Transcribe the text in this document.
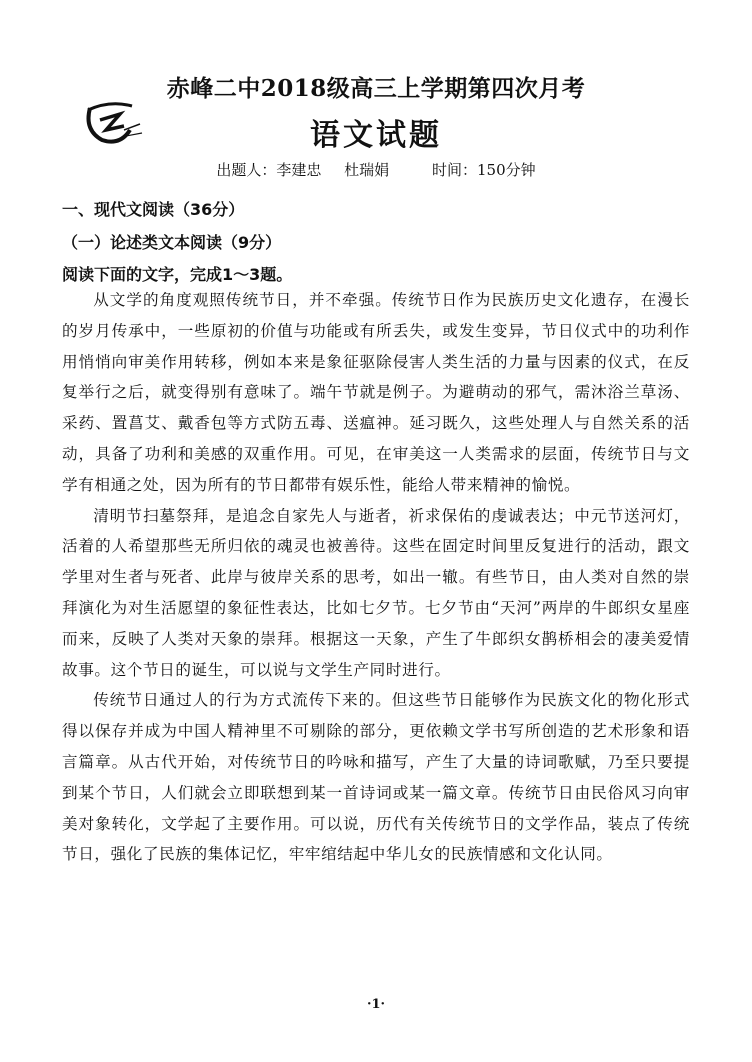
赤峰二中2018级高三上学期第四次月考
语文试题
出题人：李建忠 杜瑞娟	时间：150分钟
一、现代文阅读（36分）
（一）论述类文本阅读（9分）
阅读下面的文字，完成1～3题。

从文学的角度观照传统节日，并不牵强。传统节日作为民族历史文化遗存，在漫长的岁月传承中，一些原初的价值与功能或有所丢失，或发生变异，节日仪式中的功利作用悄悄向审美作用转移，例如本来是象征驱除侵害人类生活的力量与因素的仪式，在反复举行之后，就变得别有意味了。端午节就是例子。为避萌动的邪气，需沐浴兰草汤、采药、置菖艾、戴香包等方式防五毒、送瘟神。延习既久，这些处理人与自然关系的活动，具备了功利和美感的双重作用。可见，在审美这一人类需求的层面，传统节日与文学有相通之处，因为所有的节日都带有娱乐性，能给人带来精神的愉悦。

清明节扫墓祭拜，是追念自家先人与逝者，祈求保佑的虔诚表达；中元节送河灯，活着的人希望那些无所归依的魂灵也被善待。这些在固定时间里反复进行的活动，跟文学里对生者与死者、此岸与彼岸关系的思考，如出一辙。有些节日，由人类对自然的崇拜演化为对生活愿望的象征性表达，比如七夕节。七夕节由“天河”两岸的牛郎织女星座而来，反映了人类对天象的崇拜。根据这一天象，产生了牛郎织女鹊桥相会的凄美爱情故事。这个节日的诞生，可以说与文学生产同时进行。

传统节日通过人的行为方式流传下来的。但这些节日能够作为民族文化的物化形式得以保存并成为中国人精神里不可剔除的部分，更依赖文学书写所创造的艺术形象和语言篇章。从古代开始，对传统节日的吟咏和描写，产生了大量的诗词歌赋，乃至只要提到某个节日，人们就会立即联想到某一首诗词或某一篇文章。传统节日由民俗风习向审美对象转化，文学起了主要作用。可以说，历代有关传统节日的文学作品，装点了传统节日，强化了民族的集体记忆，牢牢绾结起中华儿女的民族情感和文化认同。

·1·
